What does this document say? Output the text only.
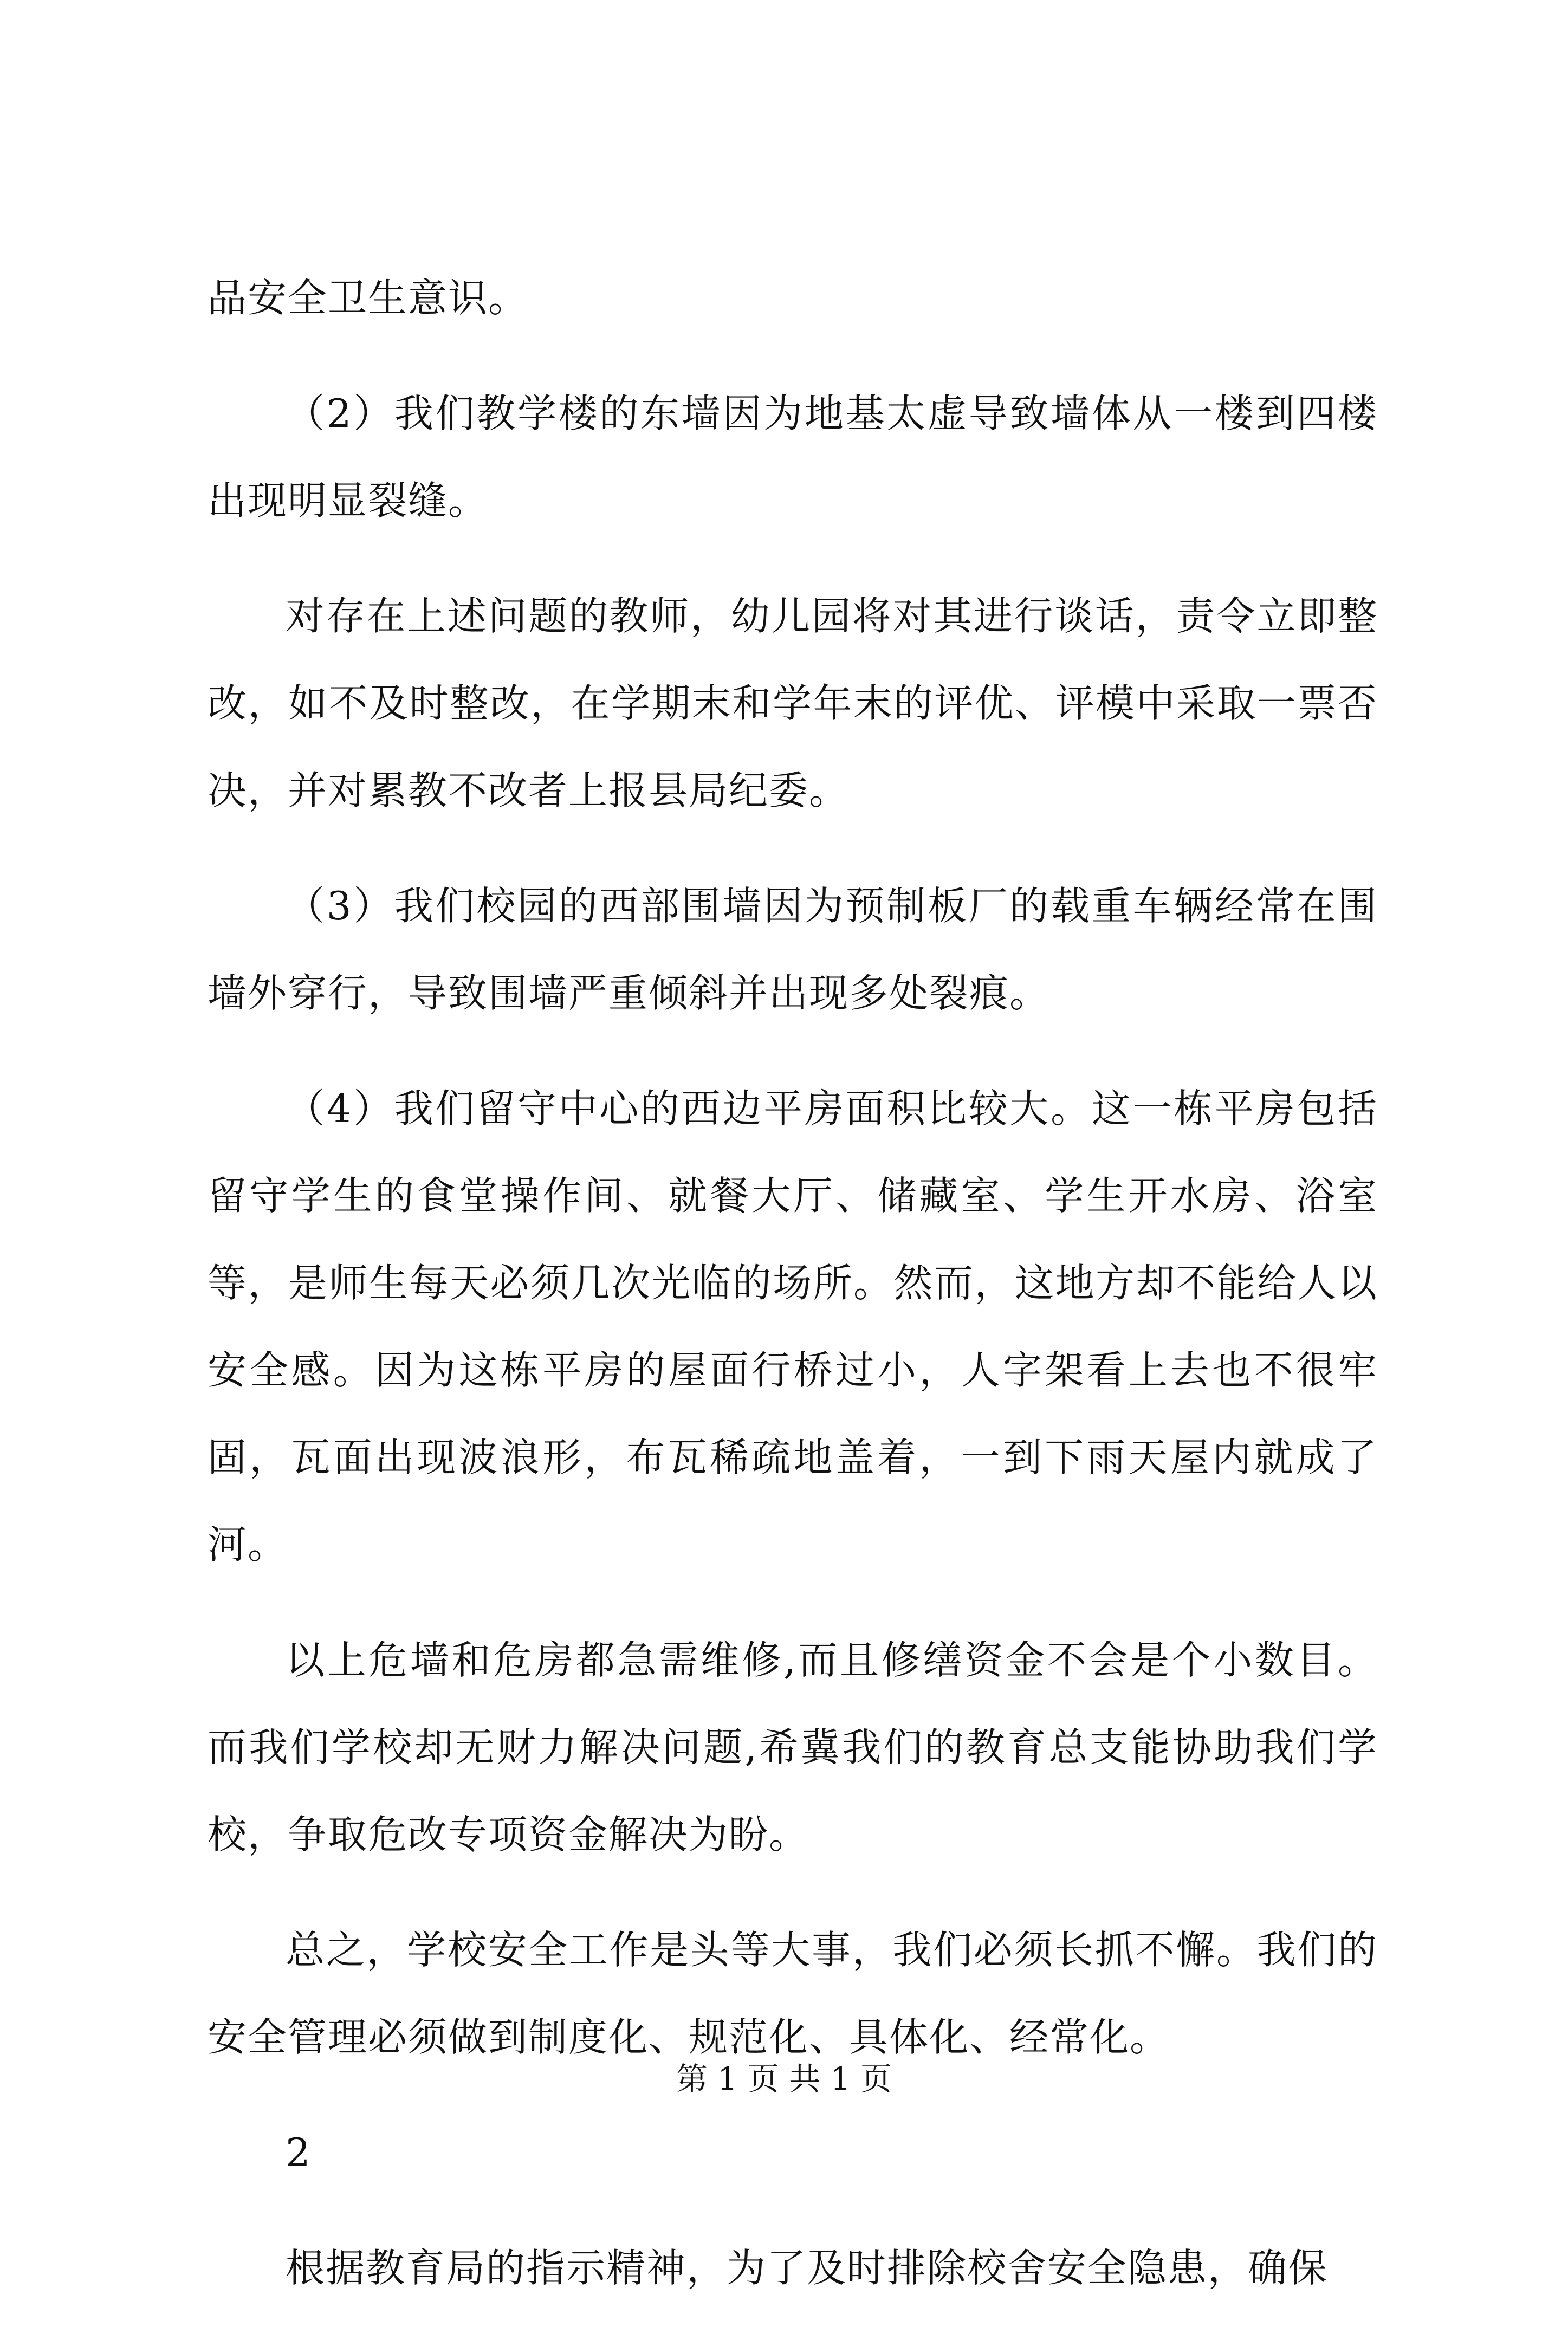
品安全卫生意识。

（2）我们教学楼的东墙因为地基太虚导致墙体从一楼到四楼出现明显裂缝。

对存在上述问题的教师，幼儿园将对其进行谈话，责令立即整改，如不及时整改，在学期末和学年末的评优、评模中采取一票否决，并对累教不改者上报县局纪委。

（3）我们校园的西部围墙因为预制板厂的载重车辆经常在围墙外穿行，导致围墙严重倾斜并出现多处裂痕。

（4）我们留守中心的西边平房面积比较大。这一栋平房包括留守学生的食堂操作间、就餐大厅、储藏室、学生开水房、浴室等，是师生每天必须几次光临的场所。然而，这地方却不能给人以安全感。因为这栋平房的屋面行桥过小，人字架看上去也不很牢固，瓦面出现波浪形，布瓦稀疏地盖着，一到下雨天屋内就成了河。

以上危墙和危房都急需维修,而且修缮资金不会是个小数目。而我们学校却无财力解决问题,希冀我们的教育总支能协助我们学校，争取危改专项资金解决为盼。

总之，学校安全工作是头等大事，我们必须长抓不懈。我们的安全管理必须做到制度化、规范化、具体化、经常化。

2

根据教育局的指示精神，为了及时排除校舍安全隐患，确保

第 1 页 共 1 页
